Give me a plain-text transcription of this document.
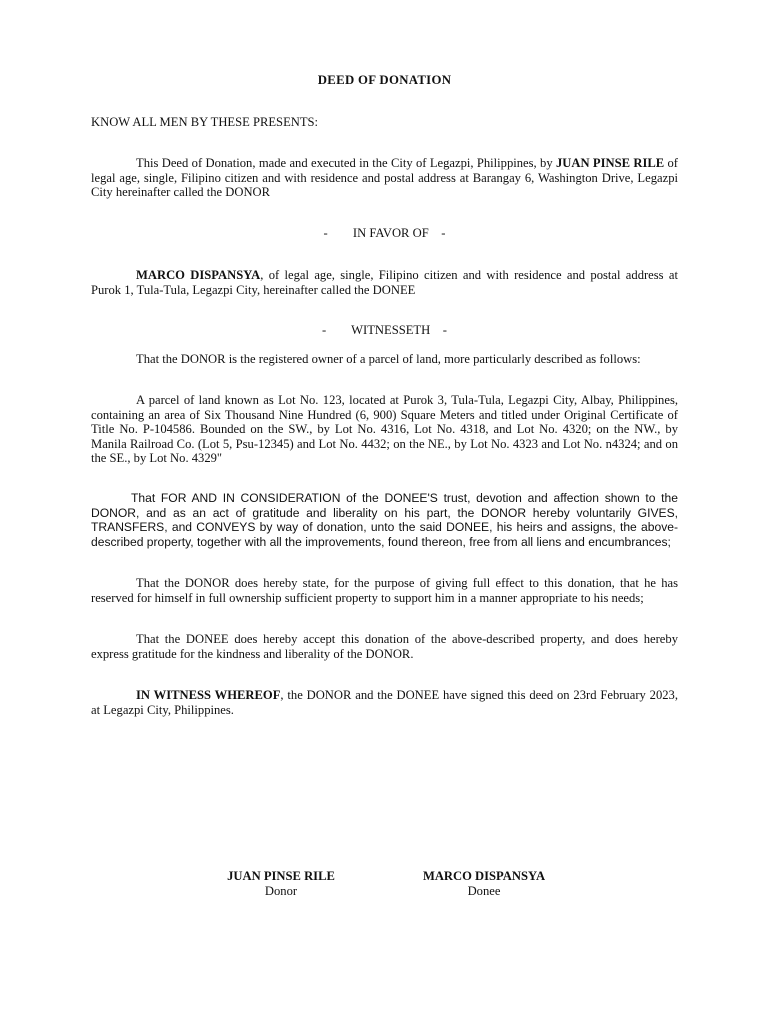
DEED OF DONATION
KNOW ALL MEN BY THESE PRESENTS:

This Deed of Donation, made and executed in the City of Legazpi, Philippines, by JUAN PINSE RILE of legal age, single, Filipino citizen and with residence and postal address at Barangay 6, Washington Drive, Legazpi City hereinafter called the DONOR

-        IN FAVOR OF    -

MARCO DISPANSYA, of legal age, single, Filipino citizen and with residence and postal address at Purok 1, Tula-Tula, Legazpi City, hereinafter called the DONEE

-        WITNESSETH    -

That the DONOR is the registered owner of a parcel of land, more particularly described as follows:

A parcel of land known as Lot No. 123, located at Purok 3, Tula-Tula, Legazpi City, Albay, Philippines, containing an area of Six Thousand Nine Hundred (6, 900) Square Meters and titled under Original Certificate of Title No. P-104586. Bounded on the SW., by Lot No. 4316, Lot No. 4318, and Lot No. 4320; on the NW., by Manila Railroad Co. (Lot 5, Psu-12345) and Lot No. 4432; on the NE., by Lot No. 4323 and Lot No. n4324; and on the SE., by Lot No. 4329"

That FOR AND IN CONSIDERATION of the DONEE'S trust, devotion and affection shown to the DONOR, and as an act of gratitude and liberality on his part, the DONOR hereby voluntarily GIVES, TRANSFERS, and CONVEYS by way of donation, unto the said DONEE, his heirs and assigns, the above-described property, together with all the improvements, found thereon, free from all liens and encumbrances;

That the DONOR does hereby state, for the purpose of giving full effect to this donation, that he has reserved for himself in full ownership sufficient property to support him in a manner appropriate to his needs;

That the DONEE does hereby accept this donation of the above-described property, and does hereby express gratitude for the kindness and liberality of the DONOR.

IN WITNESS WHEREOF, the DONOR and the DONEE have signed this deed on 23rd February 2023, at Legazpi City, Philippines.

JUAN PINSE RILE
Donor
MARCO DISPANSYA
Donee
